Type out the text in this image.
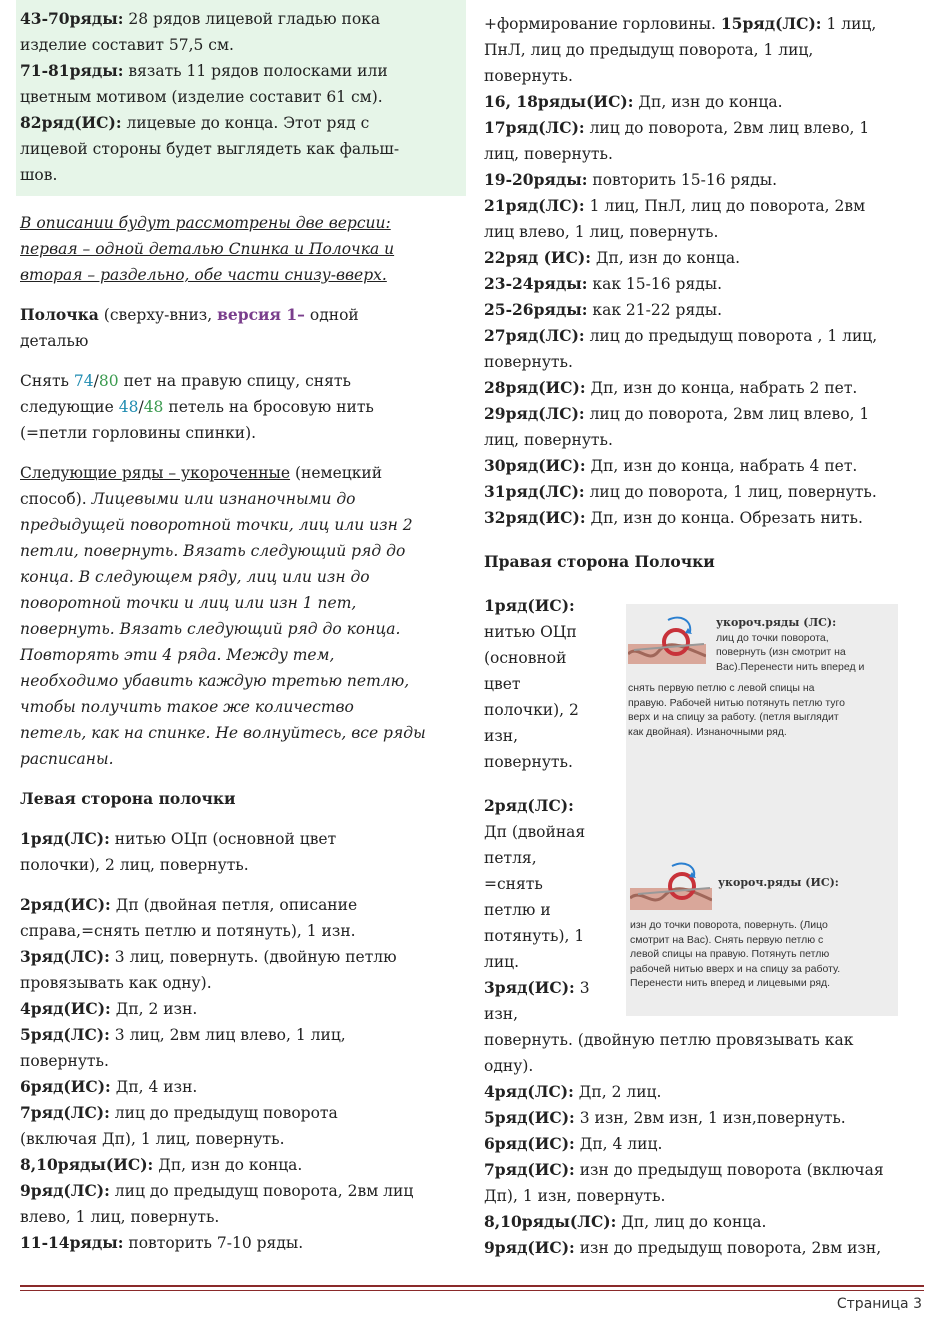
43-70ряды: 28 рядов лицевой гладью пока
изделие составит 57,5 см.

71-81ряды: вязать 11 рядов полосками или
цветным мотивом (изделие составит 61 см).

82ряд(ИС): лицевые до конца. Этот ряд с
лицевой стороны будет выглядеть как фальш-
шов.

В описании будут рассмотрены две версии:
первая – одной деталью Спинка и Полочка и
вторая – раздельно, обе части снизу-вверх.

Полочка (сверху-вниз, версия 1– одной
деталью

Снять 74/80 пет на правую спицу, снять
следующие 48/48 петель на бросовую нить
(=петли горловины спинки).

Следующие ряды – укороченные (немецкий
способ). Лицевыми или изнаночными до
предыдущей поворотной точки, лиц или изн 2
петли, повернуть. Вязать следующий ряд до
конца. В следующем ряду, лиц или изн до
поворотной точки и лиц или изн 1 пет,
повернуть. Вязать следующий ряд до конца.
Повторять эти 4 ряда. Между тем,
необходимо убавить каждую третью петлю,
чтобы получить такое же количество
петель, как на спинке. Не волнуйтесь, все ряды
расписаны.

Левая сторона полочки

1ряд(ЛС): нитью ОЦп (основной цвет
полочки), 2 лиц, повернуть.

2ряд(ИС): Дп (двойная петля, описание
справа,=снять петлю и потянуть), 1 изн.

3ряд(ЛС): 3 лиц, повернуть. (двойную петлю
провязывать как одну).

4ряд(ИС): Дп, 2 изн.

5ряд(ЛС): 3 лиц, 2вм лиц влево, 1 лиц,
повернуть.

6ряд(ИС): Дп, 4 изн.

7ряд(ЛС): лиц до предыдущ поворота
(включая Дп), 1 лиц, повернуть.

8,10ряды(ИС): Дп, изн до конца.

9ряд(ЛС): лиц до предыдущ поворота, 2вм лиц
влево, 1 лиц, повернуть.

11-14ряды: повторить 7-10 ряды.

+формирование горловины. 15ряд(ЛС): 1 лиц,
ПнЛ, лиц до предыдущ поворота, 1 лиц,
повернуть.

16, 18ряды(ИС): Дп, изн до конца.

17ряд(ЛС): лиц до поворота, 2вм лиц влево, 1
лиц, повернуть.

19-20ряды: повторить 15-16 ряды.

21ряд(ЛС): 1 лиц, ПнЛ, лиц до поворота, 2вм
лиц влево, 1 лиц, повернуть.

22ряд (ИС): Дп, изн до конца.

23-24ряды: как 15-16 ряды.

25-26ряды: как 21-22 ряды.

27ряд(ЛС): лиц до предыдущ поворота , 1 лиц,
повернуть.

28ряд(ИС): Дп, изн до конца, набрать 2 пет.

29ряд(ЛС): лиц до поворота, 2вм лиц влево, 1
лиц, повернуть.

30ряд(ИС): Дп, изн до конца, набрать 4 пет.

31ряд(ЛС): лиц до поворота, 1 лиц, повернуть.

32ряд(ИС): Дп, изн до конца. Обрезать нить.

Правая сторона Полочки

1ряд(ИС):
нитью ОЦп
(основной
цвет
полочки), 2
изн,
повернуть.

2ряд(ЛС):
Дп (двойная
петля,
=снять
петлю и
потянуть), 1
лиц.

3ряд(ИС): 3
изн,

повернуть. (двойную петлю провязывать как
одну).

4ряд(ЛС): Дп, 2 лиц.

5ряд(ИС): 3 изн, 2вм изн, 1 изн,повернуть.

6ряд(ИС): Дп, 4 лиц.

7ряд(ИС): изн до предыдущ поворота (включая
Дп), 1 изн, повернуть.

8,10ряды(ЛС): Дп, лиц до конца.

9ряд(ИС): изн до предыдущ поворота, 2вм изн,

укороч.ряды (ЛС):
лиц до точки поворота,
повернуть (изн смотрит на
Вас).Перенести нить вперед и
снять первую петлю с левой спицы на
правую. Рабочей нитью потянуть петлю туго
верх и на спицу за работу. (петля выглядит
как двойная). Изнаночными ряд.
укороч.ряды (ИС):
изн до точки поворота, повернуть. (Лицо
смотрит на Вас). Снять первую петлю с
левой спицы на правую. Потянуть петлю
рабочей нитью вверх и на спицу за работу.
Перенести нить вперед и лицевыми ряд.
Страница 3
